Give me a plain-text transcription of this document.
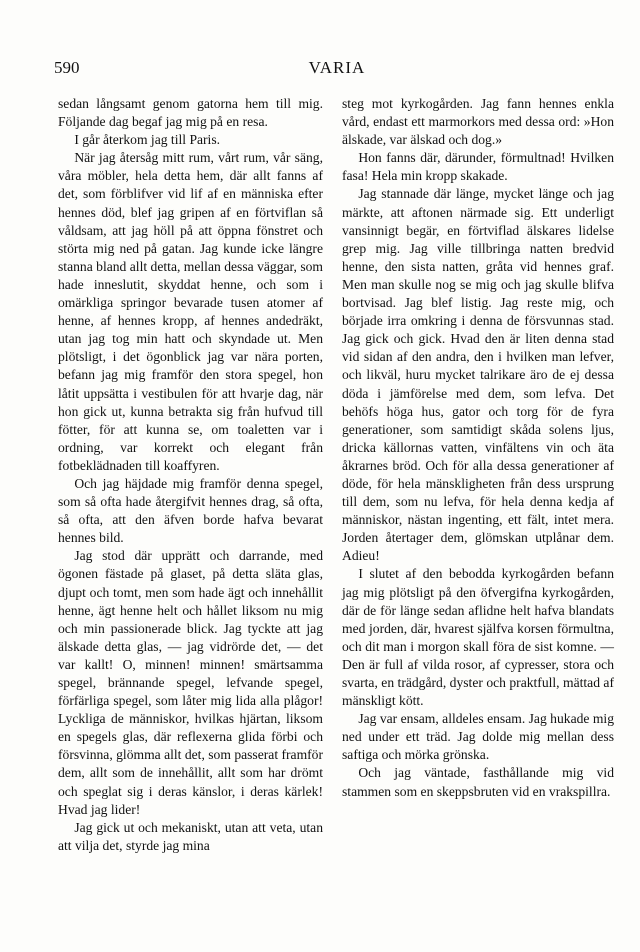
590	VARIA

sedan långsamt genom gatorna hem till mig. Följande dag begaf jag mig på en resa.

I går återkom jag till Paris.

När jag återsåg mitt rum, vårt rum, vår säng, våra möbler, hela detta hem, där allt fanns af det, som förblifver vid lif af en människa efter hennes död, blef jag gripen af en förtviflan så våldsam, att jag höll på att öppna fönstret och störta mig ned på gatan. Jag kunde icke längre stanna bland allt detta, mellan dessa väggar, som hade inneslutit, skyddat henne, och som i omärkliga springor bevarade tusen atomer af henne, af hennes kropp, af hennes andedräkt, utan jag tog min hatt och skyndade ut. Men plötsligt, i det ögonblick jag var nära porten, befann jag mig framför den stora spegel, hon låtit uppsätta i vestibulen för att hvarje dag, när hon gick ut, kunna betrakta sig från hufvud till fötter, för att kunna se, om toaletten var i ordning, var korrekt och elegant från fotbeklädnaden till koaffyren.

Och jag häjdade mig framför denna spegel, som så ofta hade återgifvit hennes drag, så ofta, så ofta, att den äfven borde hafva bevarat hennes bild.

Jag stod där upprätt och darrande, med ögonen fästade på glaset, på detta släta glas, djupt och tomt, men som hade ägt och innehållit henne, ägt henne helt och hållet liksom nu mig och min passionerade blick. Jag tyckte att jag älskade detta glas, — jag vidrörde det, — det var kallt! O, minnen! minnen! smärtsamma spegel, brännande spegel, lefvande spegel, förfärliga spegel, som låter mig lida alla plågor! Lyckliga de människor, hvilkas hjärtan, liksom en spegels glas, där reflexerna glida förbi och försvinna, glömma allt det, som passerat framför dem, allt som de innehållit, allt som har drömt och speglat sig i deras känslor, i deras kärlek! Hvad jag lider!

Jag gick ut och mekaniskt, utan att veta, utan att vilja det, styrde jag mina

steg mot kyrkogården. Jag fann hennes enkla vård, endast ett marmorkors med dessa ord: »Hon älskade, var älskad och dog.»

Hon fanns där, därunder, förmultnad! Hvilken fasa! Hela min kropp skakade.

Jag stannade där länge, mycket länge och jag märkte, att aftonen närmade sig. Ett underligt vansinnigt begär, en förtviflad älskares lidelse grep mig. Jag ville tillbringa natten bredvid henne, den sista natten, gråta vid hennes graf. Men man skulle nog se mig och jag skulle blifva bortvisad. Jag blef listig. Jag reste mig, och började irra omkring i denna de försvunnas stad. Jag gick och gick. Hvad den är liten denna stad vid sidan af den andra, den i hvilken man lefver, och likväl, huru mycket talrikare äro de ej dessa döda i jämförelse med dem, som lefva. Det behöfs höga hus, gator och torg för de fyra generationer, som samtidigt skåda solens ljus, dricka källornas vatten, vinfältens vin och äta åkrarnes bröd. Och för alla dessa generationer af döde, för hela mänskligheten från dess ursprung till dem, som nu lefva, för hela denna kedja af människor, nästan ingenting, ett fält, intet mera. Jorden återtager dem, glömskan utplånar dem. Adieu!

I slutet af den bebodda kyrkogården befann jag mig plötsligt på den öfvergifna kyrkogården, där de för länge sedan aflidne helt hafva blandats med jorden, där, hvarest själfva korsen förmultna, och dit man i morgon skall föra de sist komne. — Den är full af vilda rosor, af cypresser, stora och svarta, en trädgård, dyster och praktfull, mättad af mänskligt kött.

Jag var ensam, alldeles ensam. Jag hukade mig ned under ett träd. Jag dolde mig mellan dess saftiga och mörka grönska.

Och jag väntade, fasthållande mig vid stammen som en skeppsbruten vid en vrakspillra.
